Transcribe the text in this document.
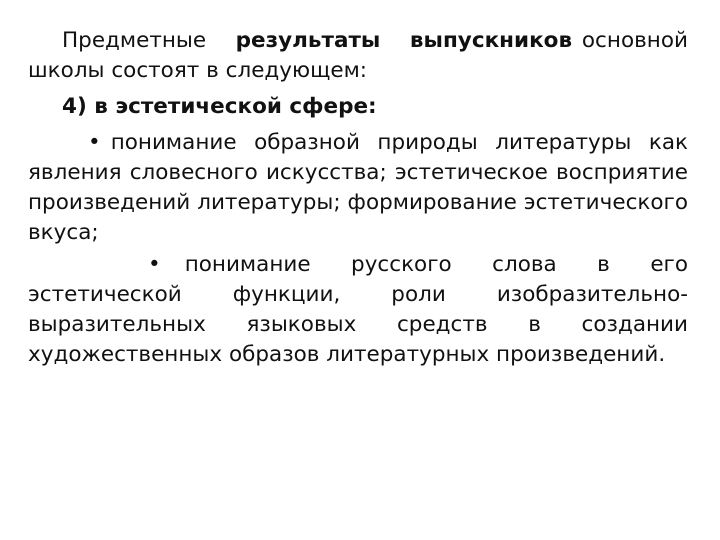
Предметные результаты выпускников основной школы состоят в следующем:

4) в эстетической сфере:

• понимание образной природы литературы как явления словесного искусства; эстетическое восприятие произведений литературы; формирование эстетического вкуса;

• понимание русского слова в его эстетической функции, роли изобразительно-выразительных языковых средств в создании художественных образов литературных произведений.
